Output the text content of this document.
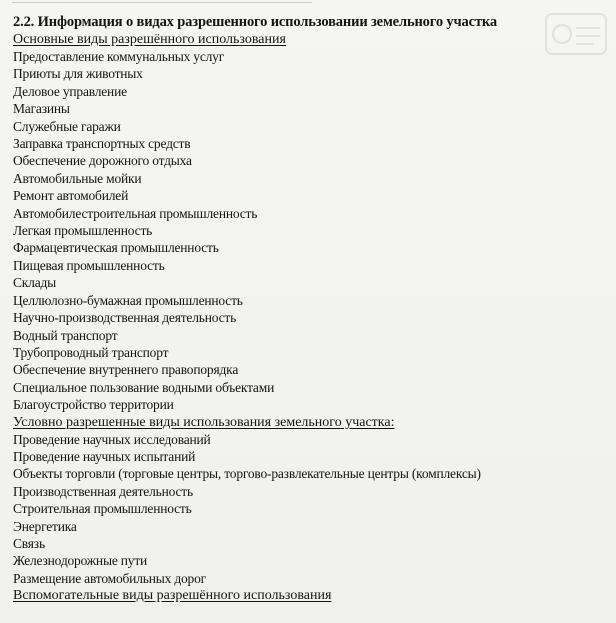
2.2. Информация о видах разрешенного использовании земельного участка
Основные виды разрешённого использования
Предоставление коммунальных услуг
Приюты для животных
Деловое управление
Магазины
Служебные гаражи
Заправка транспортных средств
Обеспечение дорожного отдыха
Автомобильные мойки
Ремонт автомобилей
Автомобилестроительная промышленность
Легкая промышленность
Фармацевтическая промышленность
Пищевая промышленность
Склады
Целлюлозно-бумажная промышленность
Научно-производственная деятельность
Водный транспорт
Трубопроводный транспорт
Обеспечение внутреннего правопорядка
Специальное пользование водными объектами
Благоустройство территории
Условно разрешенные виды использования земельного участка:
Проведение научных исследований
Проведение научных испытаний
Объекты торговли (торговые центры, торгово-развлекательные центры (комплексы)
Производственная деятельность
Строительная промышленность
Энергетика
Связь
Железнодорожные пути
Размещение автомобильных дорог
Вспомогательные виды разрешённого использования
